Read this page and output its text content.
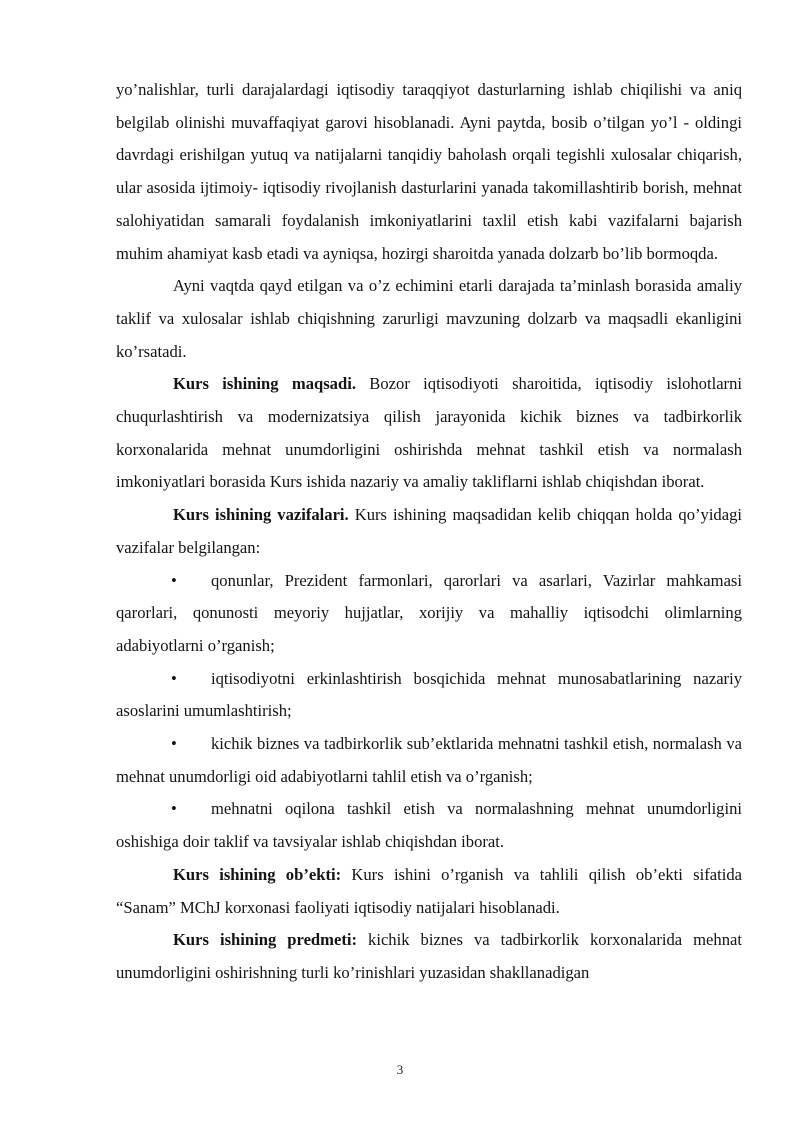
yo’nalishlar, turli darajalardagi iqtisodiy taraqqiyot dasturlarning ishlab chiqilishi va aniq belgilab olinishi muvaffaqiyat garovi hisoblanadi. Ayni paytda, bosib o’tilgan yo’l - oldingi davrdagi erishilgan yutuq va natijalarni tanqidiy baholash orqali tegishli xulosalar chiqarish, ular asosida ijtimoiy- iqtisodiy rivojlanish dasturlarini yanada takomillashtirib borish, mehnat salohiyatidan samarali foydalanish imkoniyatlarini taxlil etish kabi vazifalarni bajarish muhim ahamiyat kasb etadi va ayniqsa, hozirgi sharoitda yanada dolzarb bo’lib bormoqda.

Ayni vaqtda qayd etilgan va o’z echimini etarli darajada ta’minlash borasida amaliy taklif va xulosalar ishlab chiqishning zarurligi mavzuning dolzarb va maqsadli ekanligini ko’rsatadi.

Kurs ishining maqsadi. Bozor iqtisodiyoti sharoitida, iqtisodiy islohotlarni chuqurlashtirish va modernizatsiya qilish jarayonida kichik biznes va tadbirkorlik korxonalarida mehnat unumdorligini oshirishda mehnat tashkil etish va normalash imkoniyatlari borasida Kurs ishida nazariy va amaliy takliflarni ishlab chiqishdan iborat.

Kurs ishining vazifalari. Kurs ishining maqsadidan kelib chiqqan holda qo’yidagi vazifalar belgilangan:

• qonunlar, Prezident farmonlari, qarorlari va asarlari, Vazirlar mahkamasi qarorlari, qonunosti meyoriy hujjatlar, xorijiy va mahalliy iqtisodchi olimlarning adabiyotlarni o’rganish;

• iqtisodiyotni erkinlashtirish bosqichida mehnat munosabatlarining nazariy asoslarini umumlashtirish;

• kichik biznes va tadbirkorlik sub’ektlarida mehnatni tashkil etish, normalash va mehnat unumdorligi oid adabiyotlarni tahlil etish va o’rganish;

• mehnatni oqilona tashkil etish va normalashning mehnat unumdorligini oshishiga doir taklif va tavsiyalar ishlab chiqishdan iborat.

Kurs ishining ob’ekti: Kurs ishini o’rganish va tahlili qilish ob’ekti sifatida “Sanam” MChJ korxonasi faoliyati iqtisodiy natijalari hisoblanadi.

Kurs ishining predmeti: kichik biznes va tadbirkorlik korxonalarida mehnat unumdorligini oshirishning turli ko’rinishlari yuzasidan shakllanadigan

3
